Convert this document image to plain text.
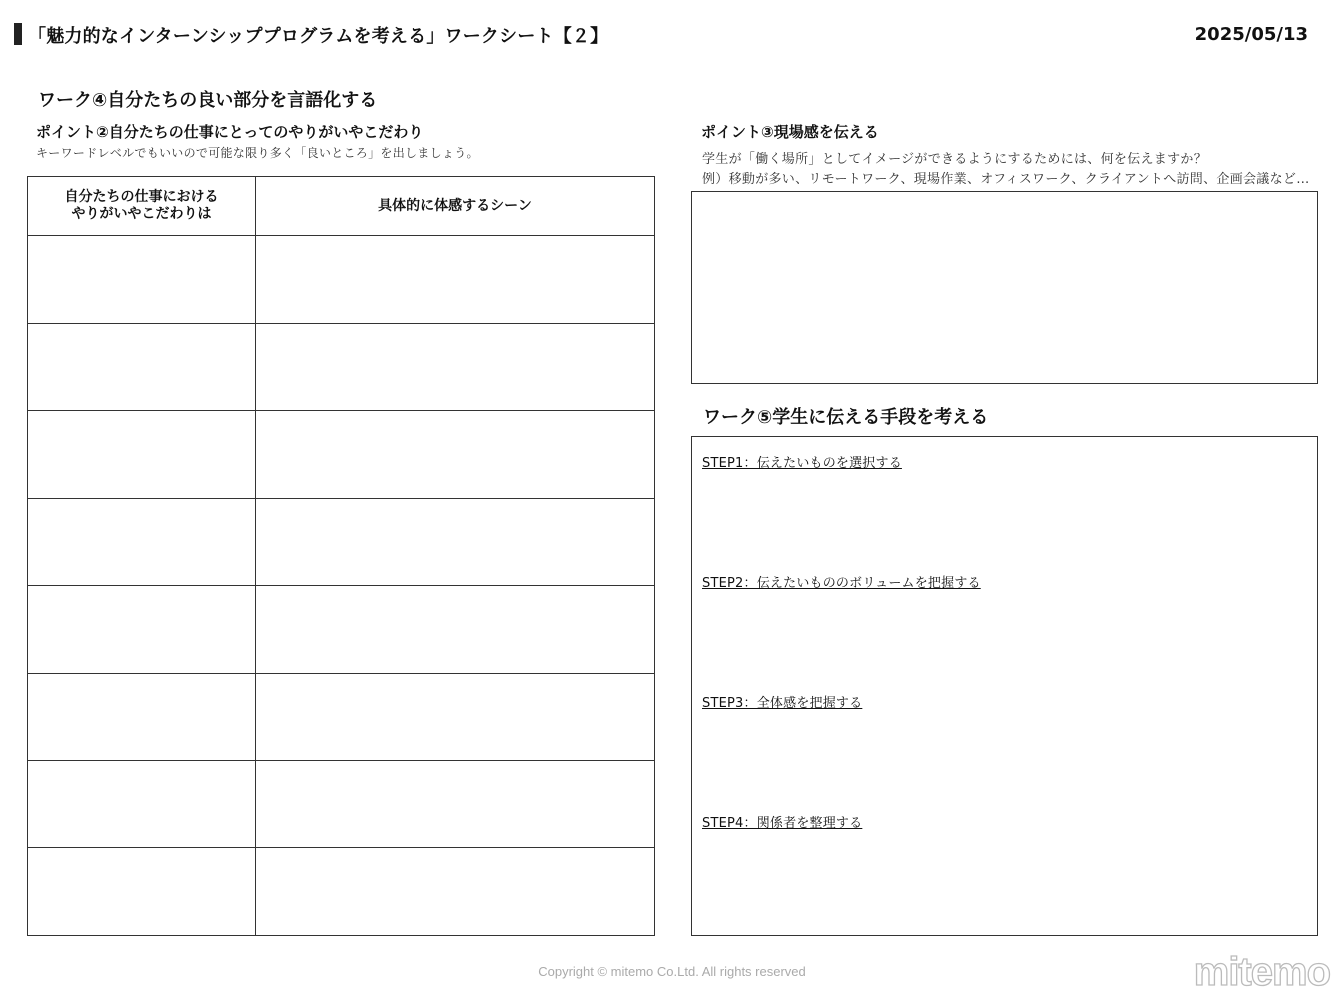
「魅力的なインターンシッププログラムを考える」ワークシート【２】	2025/05/13
ワーク④自分たちの良い部分を言語化する
ポイント②自分たちの仕事にとってのやりがいやこだわり
キーワードレベルでもいいので可能な限り多く「良いところ」を出しましょう。
自分たちの仕事における
やりがいやこだわりは	具体的に体感するシーン

ポイント③現場感を伝える
学生が「働く場所」としてイメージができるようにするためには、何を伝えますか？
例）移動が多い、リモートワーク、現場作業、オフィスワーク、クライアントへ訪問、企画会議など…
ワーク⑤学生に伝える手段を考える
STEP1：伝えたいものを選択する
STEP2：伝えたいもののボリュームを把握する
STEP3：全体感を把握する
STEP4：関係者を整理する
Copyright © mitemo Co.Ltd. All rights reserved	mitemo
